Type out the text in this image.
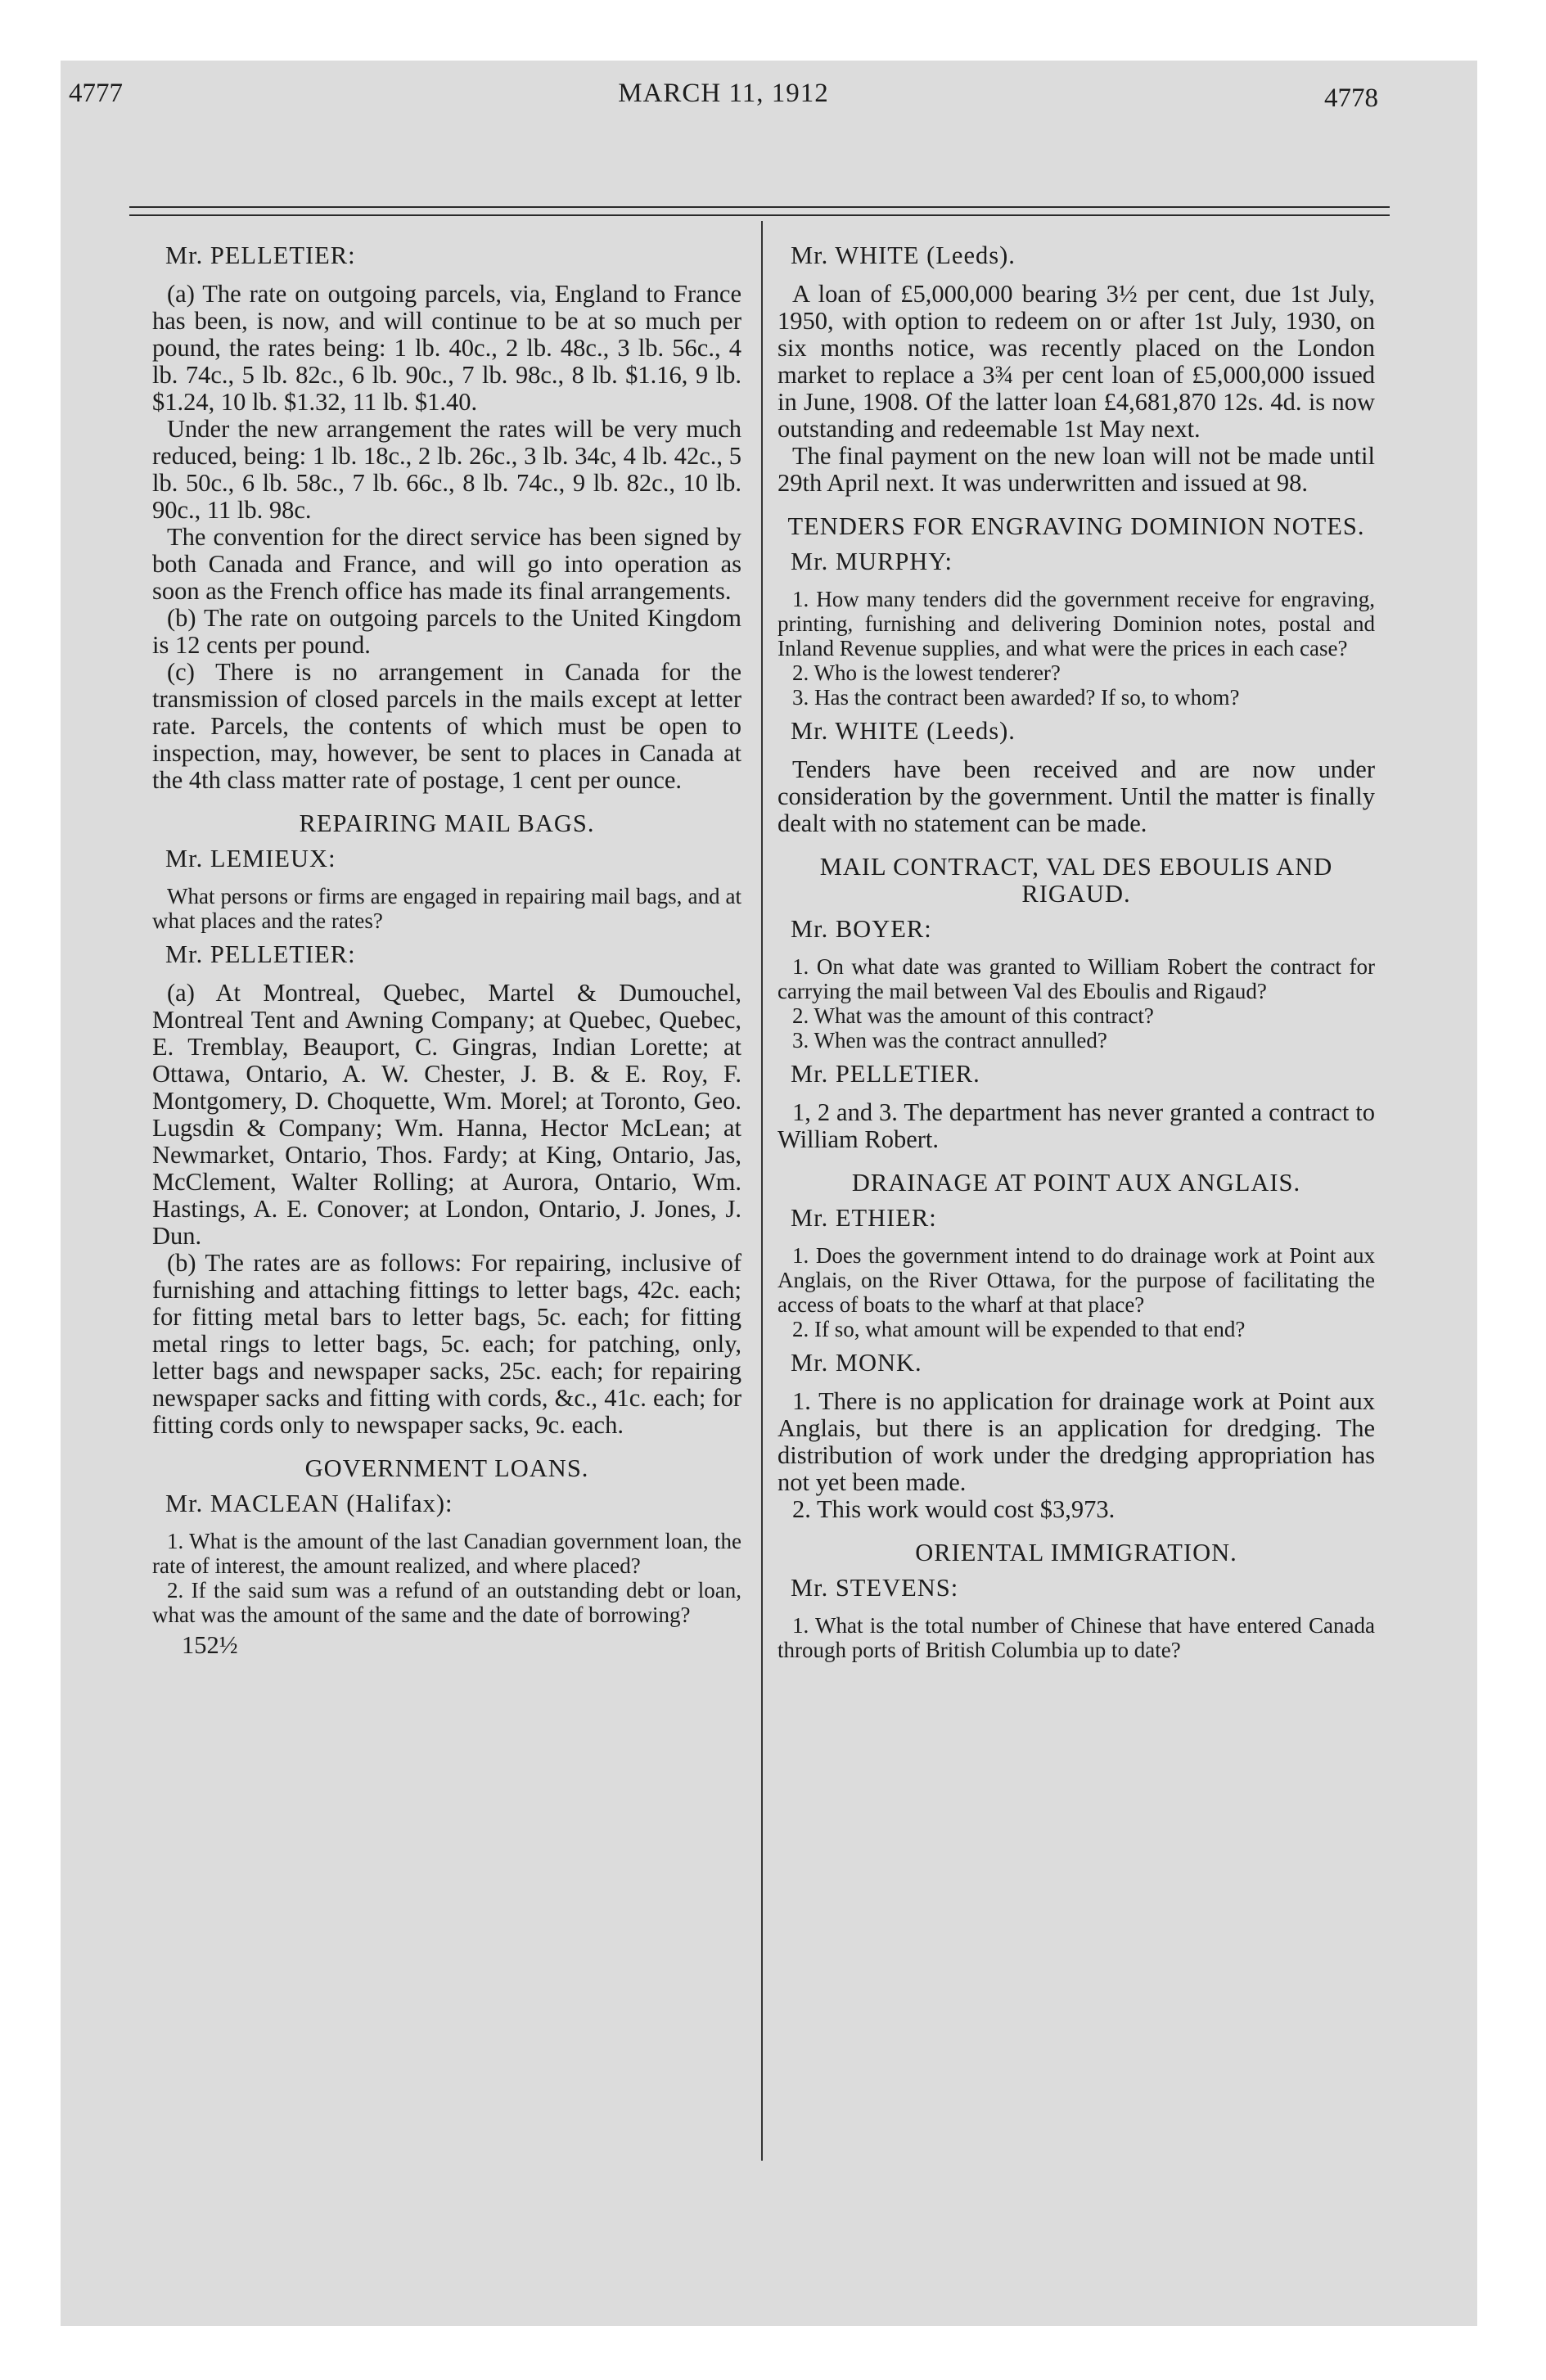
4777	MARCH 11, 1912	4778

Mr. PELLETIER:

(a) The rate on outgoing parcels, via, England to France has been, is now, and will continue to be at so much per pound, the rates being: 1 lb. 40c., 2 lb. 48c., 3 lb. 56c., 4 lb. 74c., 5 lb. 82c., 6 lb. 90c., 7 lb. 98c., 8 lb. $1.16, 9 lb. $1.24, 10 lb. $1.32, 11 lb. $1.40.

Under the new arrangement the rates will be very much reduced, being: 1 lb. 18c., 2 lb. 26c., 3 lb. 34c, 4 lb. 42c., 5 lb. 50c., 6 lb. 58c., 7 lb. 66c., 8 lb. 74c., 9 lb. 82c., 10 lb. 90c., 11 lb. 98c.

The convention for the direct service has been signed by both Canada and France, and will go into operation as soon as the French office has made its final arrangements.

(b) The rate on outgoing parcels to the United Kingdom is 12 cents per pound.

(c) There is no arrangement in Canada for the transmission of closed parcels in the mails except at letter rate. Parcels, the contents of which must be open to inspection, may, however, be sent to places in Canada at the 4th class matter rate of postage, 1 cent per ounce.

REPAIRING MAIL BAGS.

Mr. LEMIEUX:

What persons or firms are engaged in repairing mail bags, and at what places and the rates?

Mr. PELLETIER:

(a) At Montreal, Quebec, Martel & Dumouchel, Montreal Tent and Awning Company; at Quebec, Quebec, E. Tremblay, Beauport, C. Gingras, Indian Lorette; at Ottawa, Ontario, A. W. Chester, J. B. & E. Roy, F. Montgomery, D. Choquette, Wm. Morel; at Toronto, Geo. Lugsdin & Company; Wm. Hanna, Hector McLean; at Newmarket, Ontario, Thos. Fardy; at King, Ontario, Jas, McClement, Walter Rolling; at Aurora, Ontario, Wm. Hastings, A. E. Conover; at London, Ontario, J. Jones, J. Dun.

(b) The rates are as follows: For repairing, inclusive of furnishing and attaching fittings to letter bags, 42c. each; for fitting metal bars to letter bags, 5c. each; for fitting metal rings to letter bags, 5c. each; for patching, only, letter bags and newspaper sacks, 25c. each; for repairing newspaper sacks and fitting with cords, &c., 41c. each; for fitting cords only to newspaper sacks, 9c. each.

GOVERNMENT LOANS.

Mr. MACLEAN (Halifax):

1. What is the amount of the last Canadian government loan, the rate of interest, the amount realized, and where placed?

2. If the said sum was a refund of an outstanding debt or loan, what was the amount of the same and the date of borrowing?

152½

Mr. WHITE (Leeds).

A loan of £5,000,000 bearing 3½ per cent, due 1st July, 1950, with option to redeem on or after 1st July, 1930, on six months notice, was recently placed on the London market to replace a 3¾ per cent loan of £5,000,000 issued in June, 1908. Of the latter loan £4,681,870 12s. 4d. is now outstanding and redeemable 1st May next.

The final payment on the new loan will not be made until 29th April next. It was underwritten and issued at 98.

TENDERS FOR ENGRAVING DOMINION NOTES.

Mr. MURPHY:

1. How many tenders did the government receive for engraving, printing, furnishing and delivering Dominion notes, postal and Inland Revenue supplies, and what were the prices in each case?

2. Who is the lowest tenderer?

3. Has the contract been awarded? If so, to whom?

Mr. WHITE (Leeds).

Tenders have been received and are now under consideration by the government. Until the matter is finally dealt with no statement can be made.

MAIL CONTRACT, VAL DES EBOULIS AND RIGAUD.

Mr. BOYER:

1. On what date was granted to William Robert the contract for carrying the mail between Val des Eboulis and Rigaud?

2. What was the amount of this contract?

3. When was the contract annulled?

Mr. PELLETIER.

1, 2 and 3. The department has never granted a contract to William Robert.

DRAINAGE AT POINT AUX ANGLAIS.

Mr. ETHIER:

1. Does the government intend to do drainage work at Point aux Anglais, on the River Ottawa, for the purpose of facilitating the access of boats to the wharf at that place?

2. If so, what amount will be expended to that end?

Mr. MONK.

1. There is no application for drainage work at Point aux Anglais, but there is an application for dredging. The distribution of work under the dredging appropriation has not yet been made.

2. This work would cost $3,973.

ORIENTAL IMMIGRATION.

Mr. STEVENS:

1. What is the total number of Chinese that have entered Canada through ports of British Columbia up to date?
